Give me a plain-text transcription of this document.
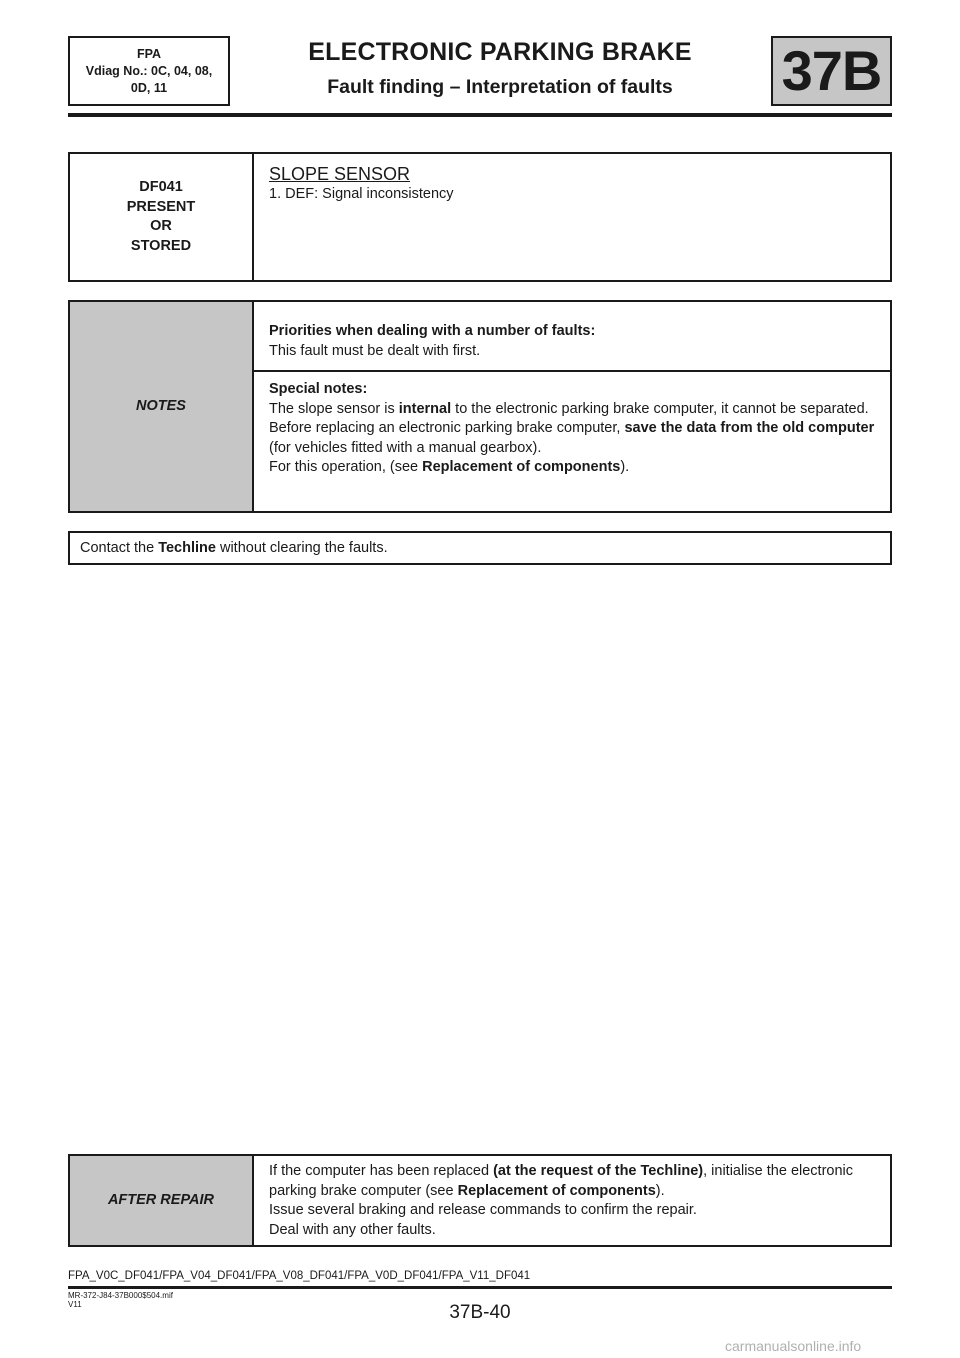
FPA
Vdiag No.: 0C, 04, 08,
0D, 11
ELECTRONIC PARKING BRAKE
Fault finding – Interpretation of faults	37B
DF041
PRESENT
OR
STORED
SLOPE SENSOR
1. DEF: Signal inconsistency
NOTES
Priorities when dealing with a number of faults:
This fault must be dealt with first.
Special notes:
The slope sensor is internal to the electronic parking brake computer, it cannot be separated.
Before replacing an electronic parking brake computer, save the data from the old computer (for vehicles fitted with a manual gearbox).
For this operation, (see Replacement of components).
Contact the Techline without clearing the faults.
AFTER REPAIR
If the computer has been replaced (at the request of the Techline), initialise the electronic parking brake computer (see Replacement of components).
Issue several braking and release commands to confirm the repair.
Deal with any other faults.
FPA_V0C_DF041/FPA_V04_DF041/FPA_V08_DF041/FPA_V0D_DF041/FPA_V11_DF041
MR-372-J84-37B000$504.mif
V11	37B-40
carmanualsonline.info
